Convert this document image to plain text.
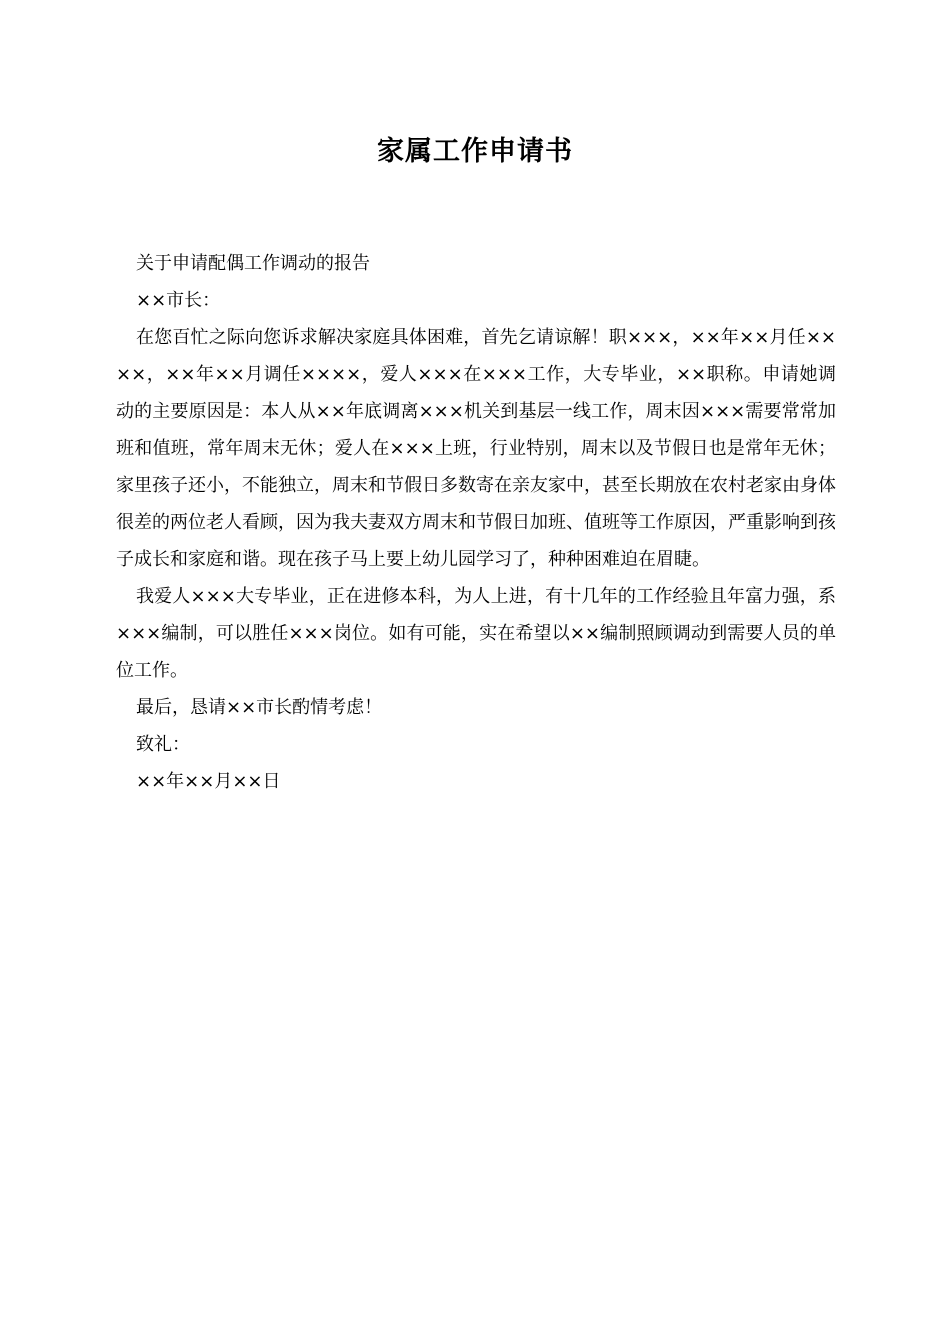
家属工作申请书

关于申请配偶工作调动的报告

××市长：

在您百忙之际向您诉求解决家庭具体困难，首先乞请谅解！职×××，××年××月任××××，××年××月调任××××，爱人×××在×××工作，大专毕业，××职称。申请她调动的主要原因是：本人从××年底调离×××机关到基层一线工作，周末因×××需要常常加班和值班，常年周末无休；爱人在×××上班，行业特别，周末以及节假日也是常年无休；家里孩子还小，不能独立，周末和节假日多数寄在亲友家中，甚至长期放在农村老家由身体很差的两位老人看顾，因为我夫妻双方周末和节假日加班、值班等工作原因，严重影响到孩子成长和家庭和谐。现在孩子马上要上幼儿园学习了，种种困难迫在眉睫。

我爱人×××大专毕业，正在进修本科，为人上进，有十几年的工作经验且年富力强，系×××编制，可以胜任×××岗位。如有可能，实在希望以××编制照顾调动到需要人员的单位工作。

最后，恳请××市长酌情考虑！

致礼：

××年××月××日
